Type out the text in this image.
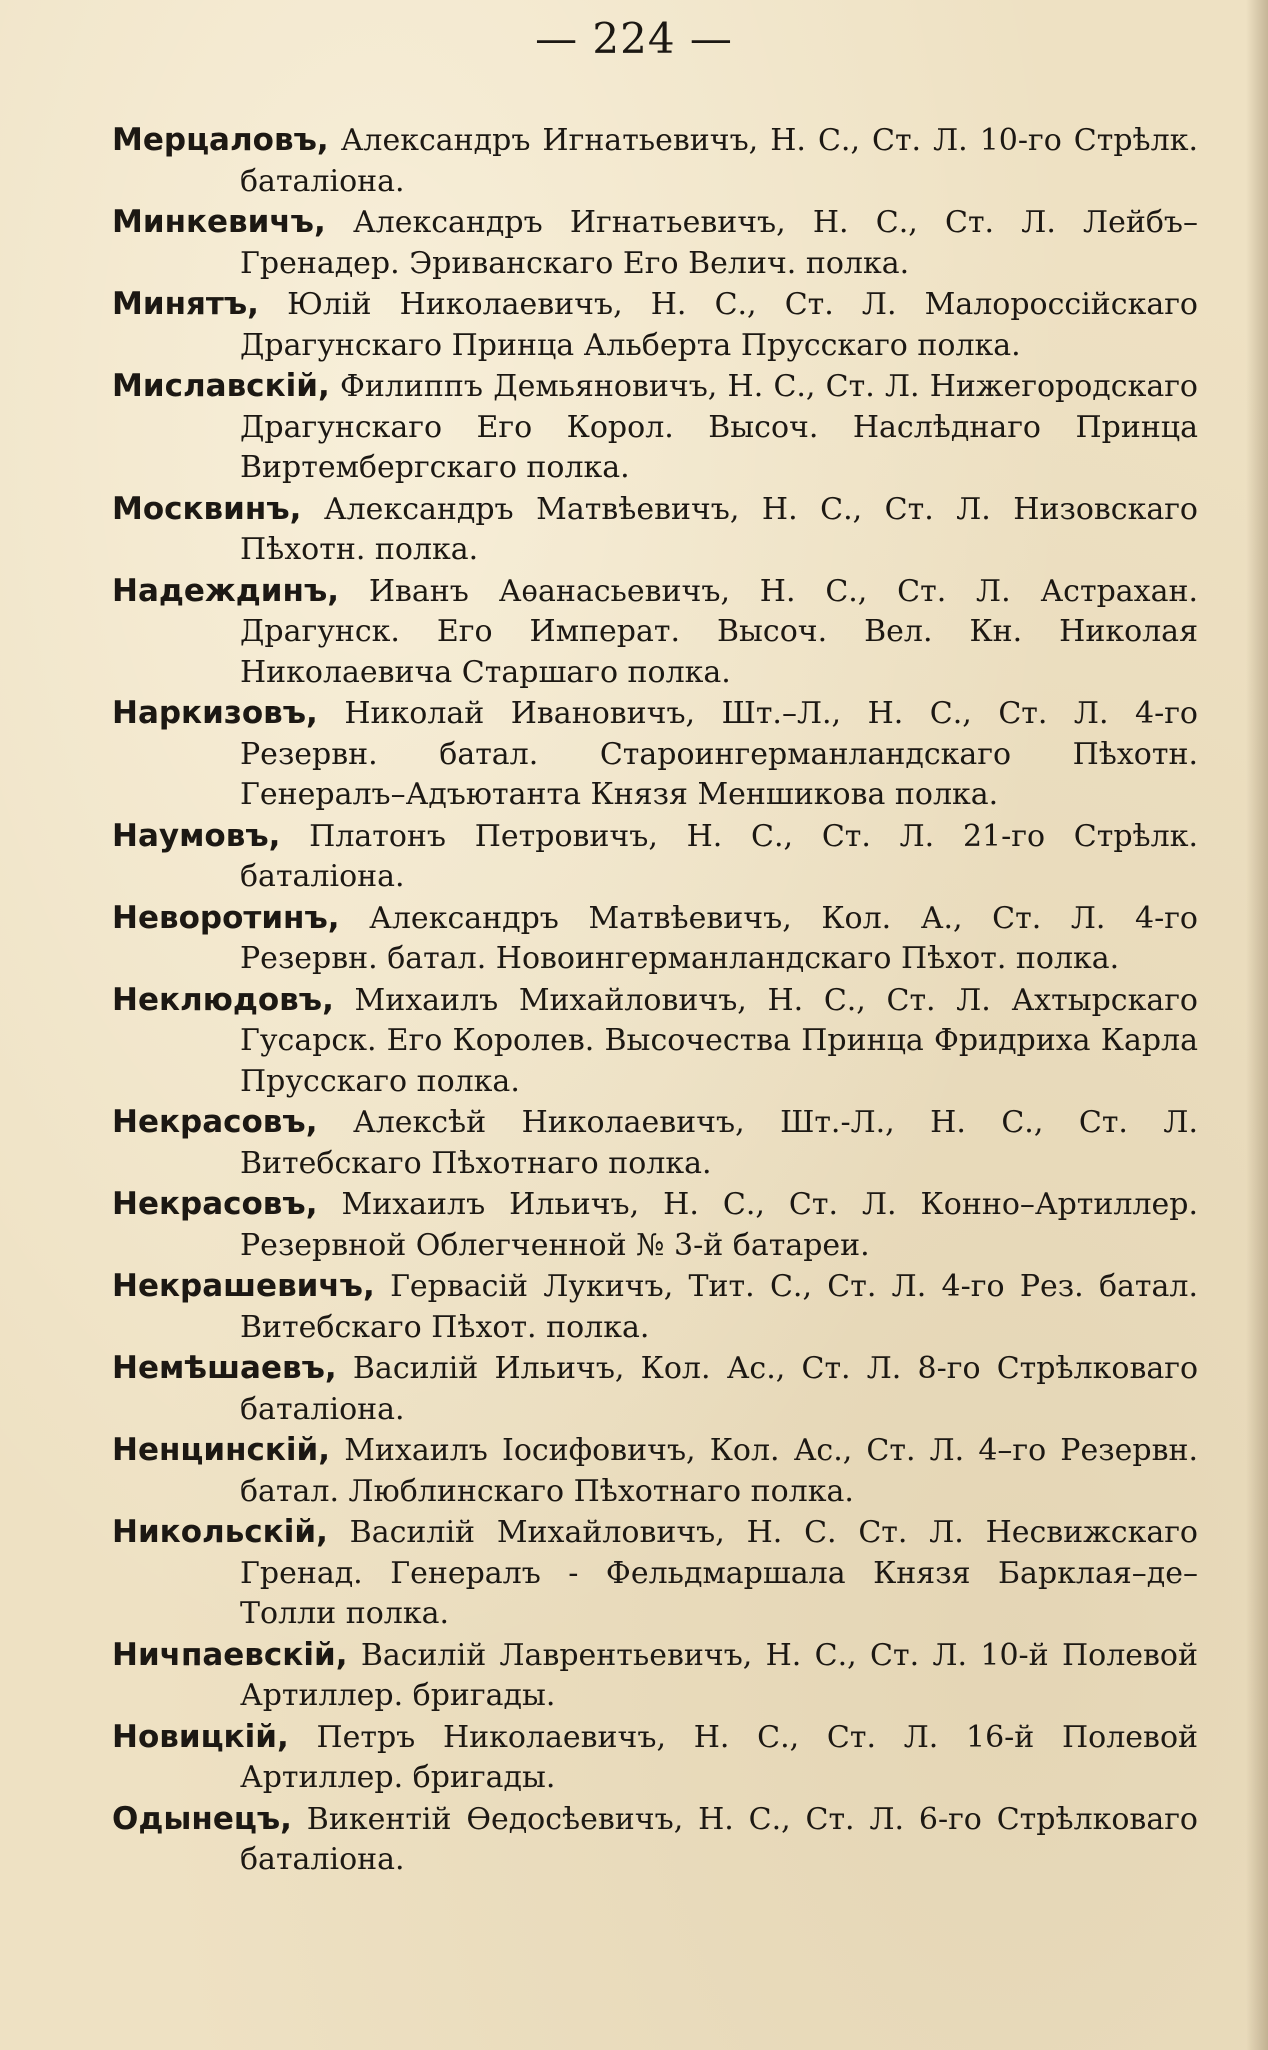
— 224 —

Мерцаловъ, Александръ Игнатьевичъ, Н. С., Ст. Л. 10-го Стрѣлк. баталіона.

Минкевичъ, Александръ Игнатьевичъ, Н. С., Ст. Л. Лейбъ–Гренадер. Эриванскаго Его Велич. полка.

Минятъ, Юлій Николаевичъ, Н. С., Ст. Л. Малороссійскаго Драгунскаго Принца Альберта Прусскаго полка.

Миславскій, Филиппъ Демьяновичъ, Н. С., Ст. Л. Нижегородскаго Драгунскаго Его Корол. Высоч. Наслѣднаго Принца Виртембергскаго полка.

Москвинъ, Александръ Матвѣевичъ, Н. С., Ст. Л. Низовскаго Пѣхотн. полка.

Надеждинъ, Иванъ Аѳанасьевичъ, Н. С., Ст. Л. Астрахан. Драгунск. Его Императ. Высоч. Вел. Кн. Николая Николаевича Старшаго полка.

Наркизовъ, Николай Ивановичъ, Шт.–Л., Н. С., Ст. Л. 4-го Резервн. батал. Староингерманландскаго Пѣхотн. Генералъ–Адъютанта Князя Меншикова полка.

Наумовъ, Платонъ Петровичъ, Н. С., Ст. Л. 21-го Стрѣлк. баталіона.

Неворотинъ, Александръ Матвѣевичъ, Кол. А., Ст. Л. 4-го Резервн. батал. Новоингерманландскаго Пѣхот. полка.

Неклюдовъ, Михаилъ Михайловичъ, Н. С., Ст. Л. Ахтырскаго Гусарск. Его Королев. Высочества Принца Фридриха Карла Прусскаго полка.

Некрасовъ, Алексѣй Николаевичъ, Шт.-Л., Н. С., Ст. Л. Витебскаго Пѣхотнаго полка.

Некрасовъ, Михаилъ Ильичъ, Н. С., Ст. Л. Конно–Артиллер. Резервной Облегченной № 3-й батареи.

Некрашевичъ, Гервасій Лукичъ, Тит. С., Ст. Л. 4-го Рез. батал. Витебскаго Пѣхот. полка.

Немѣшаевъ, Василій Ильичъ, Кол. Ас., Ст. Л. 8-го Стрѣлковаго баталіона.

Ненцинскій, Михаилъ Іосифовичъ, Кол. Ас., Ст. Л. 4–го Резервн. батал. Люблинскаго Пѣхотнаго полка.

Никольскій, Василій Михайловичъ, Н. С. Ст. Л. Несвижскаго Гренад. Генералъ - Фельдмаршала Князя Барклая–де–Толли полка.

Ничпаевскій, Василій Лаврентьевичъ, Н. С., Ст. Л. 10-й Полевой Артиллер. бригады.

Новицкій, Петръ Николаевичъ, Н. С., Ст. Л. 16-й Полевой Артиллер. бригады.

Одынецъ, Викентій Ѳедосѣевичъ, Н. С., Ст. Л. 6-го Стрѣлковаго баталіона.
